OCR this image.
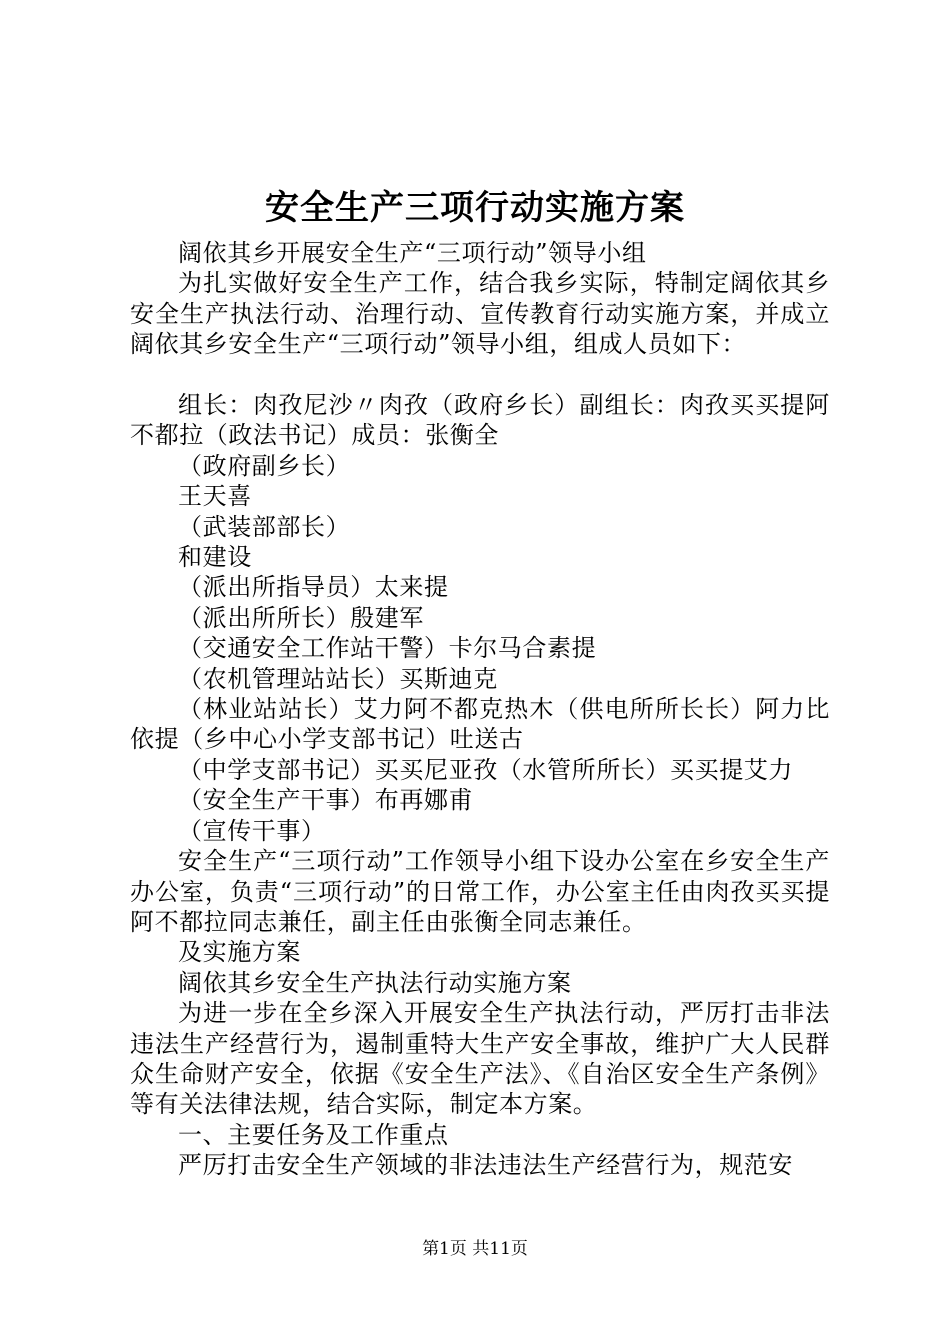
安全生产三项行动实施方案

阔依其乡开展安全生产“三项行动”领导小组

为扎实做好安全生产工作，结合我乡实际，特制定阔依其乡安全生产执法行动、治理行动、宣传教育行动实施方案，并成立阔依其乡安全生产“三项行动”领导小组，组成人员如下：

组长：肉孜尼沙〃肉孜（政府乡长）副组长：肉孜买买提阿不都拉（政法书记）成员：张衡全

（政府副乡长）

王天喜

（武装部部长）

和建设

（派出所指导员）太来提

（派出所所长）殷建军

（交通安全工作站干警）卡尔马合素提

（农机管理站站长）买斯迪克

（林业站站长）艾力阿不都克热木（供电所所长长）阿力比依提（乡中心小学支部书记）吐送古

（中学支部书记）买买尼亚孜（水管所所长）买买提艾力

（安全生产干事）布再娜甫

（宣传干事）

安全生产“三项行动”工作领导小组下设办公室在乡安全生产办公室，负责“三项行动”的日常工作，办公室主任由肉孜买买提阿不都拉同志兼任，副主任由张衡全同志兼任。

及实施方案

阔依其乡安全生产执法行动实施方案

为进一步在全乡深入开展安全生产执法行动，严厉打击非法违法生产经营行为，遏制重特大生产安全事故，维护广大人民群众生命财产安全，依据《安全生产法》、《自治区安全生产条例》等有关法律法规，结合实际，制定本方案。

一、主要任务及工作重点

严厉打击安全生产领域的非法违法生产经营行为，规范安

第1页 共11页
